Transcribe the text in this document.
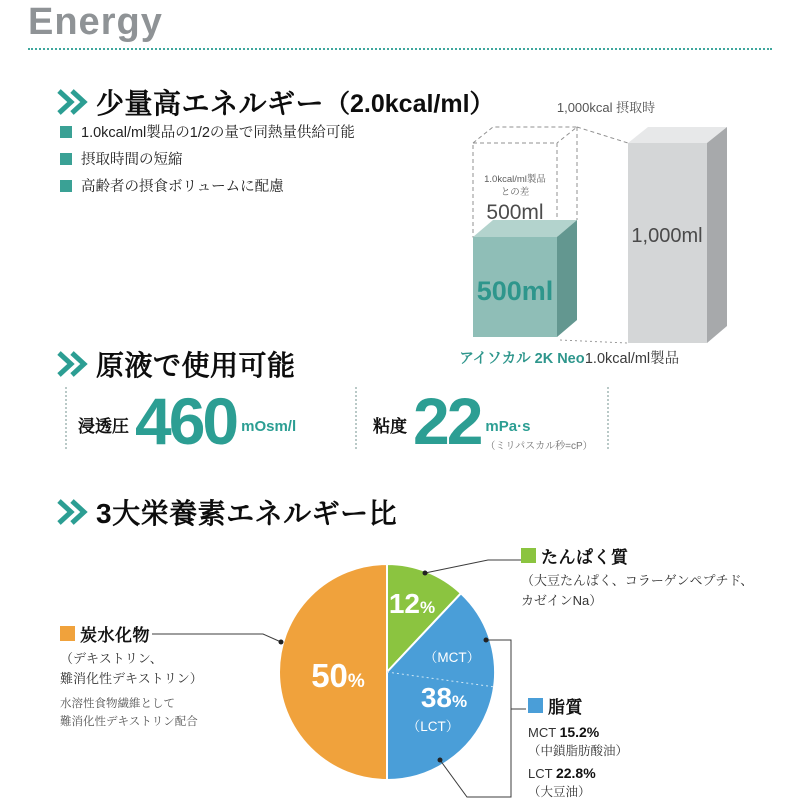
Energy
少量高エネルギー （2.0kcal/ml）
1.0kcal/ml製品の1/2の量で同熱量供給可能
摂取時間の短縮
高齢者の摂食ボリュームに配慮
1,000kcal 摂取時
1.0kcal/ml製品
との差
500ml
500ml
1,000ml
アイソカル 2K Neo 1.0kcal/ml製品
原液で使用可能
浸透圧 460 mOsm/l	粘度 22 mPa·s
（ミリパスカル秒=cP）
3大栄養素エネルギー比
12%
（MCT）
38%
（LCT）
50%
たんぱく質
（大豆たんぱく、コラーゲンペプチド、
カゼインNa）
炭水化物
（デキストリン、
難消化性デキストリン）
水溶性食物繊維として
難消化性デキストリン配合
脂質
MCT 15.2%
（中鎖脂肪酸油）
LCT 22.8%
（大豆油）
